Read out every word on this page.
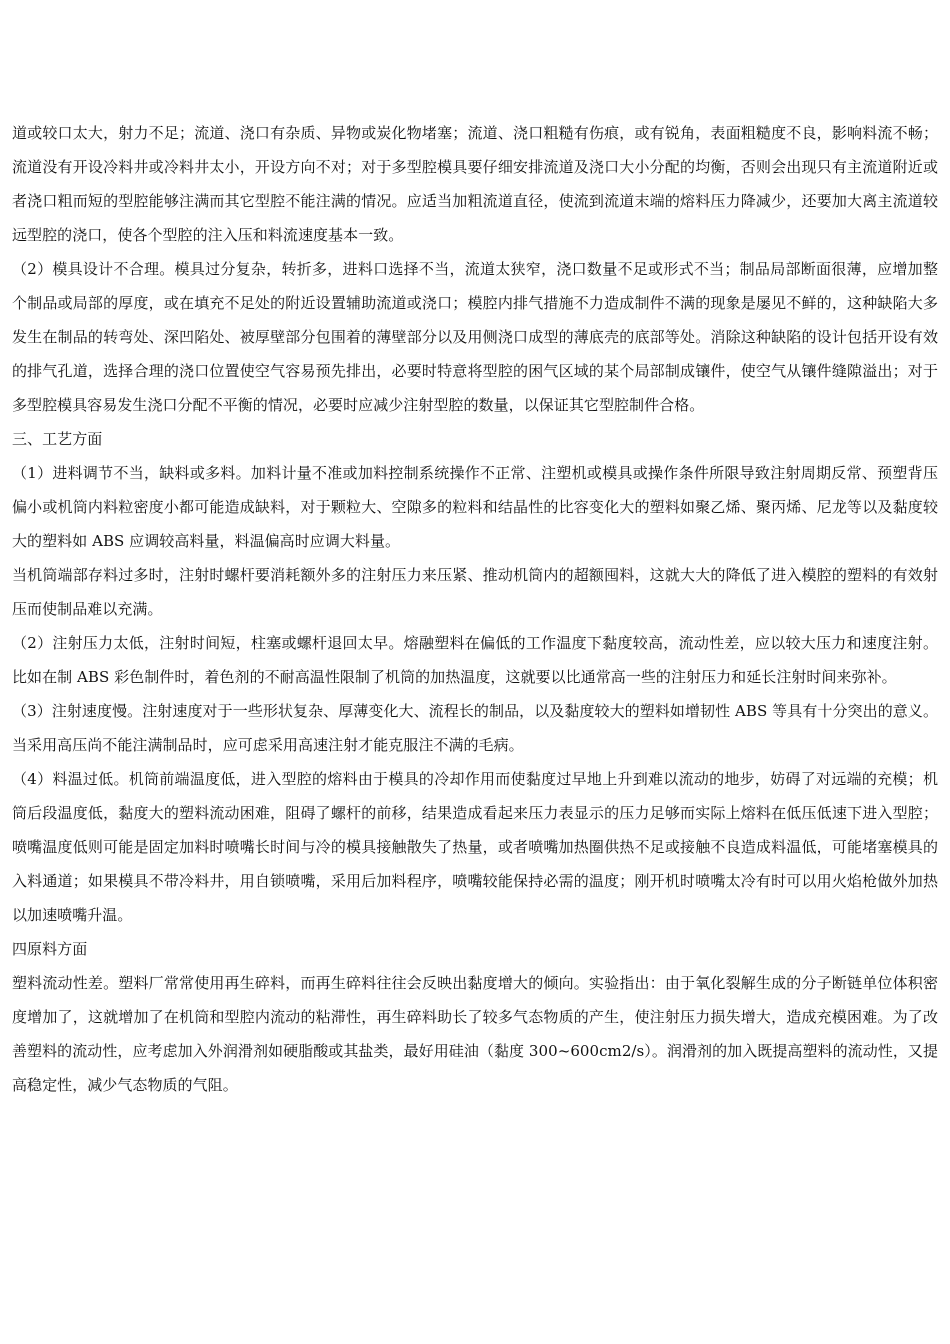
道或较口太大，射力不足；流道、浇口有杂质、异物或炭化物堵塞；流道、浇口粗糙有伤痕，或有锐角，表面粗糙度不良，影响料流不畅；流道没有开设冷料井或冷料井太小，开设方向不对；对于多型腔模具要仔细安排流道及浇口大小分配的均衡，否则会出现只有主流道附近或者浇口粗而短的型腔能够注满而其它型腔不能注满的情况。应适当加粗流道直径，使流到流道末端的熔料压力降减少，还要加大离主流道较远型腔的浇口，使各个型腔的注入压和料流速度基本一致。

（2）模具设计不合理。模具过分复杂，转折多，进料口选择不当，流道太狭窄，浇口数量不足或形式不当；制品局部断面很薄，应增加整个制品或局部的厚度，或在填充不足处的附近设置辅助流道或浇口；模腔内排气措施不力造成制件不满的现象是屡见不鲜的，这种缺陷大多发生在制品的转弯处、深凹陷处、被厚壁部分包围着的薄壁部分以及用侧浇口成型的薄底壳的底部等处。消除这种缺陷的设计包括开设有效的排气孔道，选择合理的浇口位置使空气容易预先排出，必要时特意将型腔的困气区域的某个局部制成镶件，使空气从镶件缝隙溢出；对于多型腔模具容易发生浇口分配不平衡的情况，必要时应减少注射型腔的数量，以保证其它型腔制件合格。

三、工艺方面

（1）进料调节不当，缺料或多料。加料计量不准或加料控制系统操作不正常、注塑机或模具或操作条件所限导致注射周期反常、预塑背压偏小或机筒内料粒密度小都可能造成缺料，对于颗粒大、空隙多的粒料和结晶性的比容变化大的塑料如聚乙烯、聚丙烯、尼龙等以及黏度较大的塑料如 ABS 应调较高料量，料温偏高时应调大料量。

当机筒端部存料过多时，注射时螺杆要消耗额外多的注射压力来压紧、推动机筒内的超额囤料，这就大大的降低了进入模腔的塑料的有效射压而使制品难以充满。

（2）注射压力太低，注射时间短，柱塞或螺杆退回太早。熔融塑料在偏低的工作温度下黏度较高，流动性差，应以较大压力和速度注射。比如在制 ABS 彩色制件时，着色剂的不耐高温性限制了机筒的加热温度，这就要以比通常高一些的注射压力和延长注射时间来弥补。

（3）注射速度慢。注射速度对于一些形状复杂、厚薄变化大、流程长的制品，以及黏度较大的塑料如增韧性 ABS 等具有十分突出的意义。当采用高压尚不能注满制品时，应可虑采用高速注射才能克服注不满的毛病。

（4）料温过低。机筒前端温度低，进入型腔的熔料由于模具的冷却作用而使黏度过早地上升到难以流动的地步，妨碍了对远端的充模；机筒后段温度低，黏度大的塑料流动困难，阻碍了螺杆的前移，结果造成看起来压力表显示的压力足够而实际上熔料在低压低速下进入型腔；喷嘴温度低则可能是固定加料时喷嘴长时间与冷的模具接触散失了热量，或者喷嘴加热圈供热不足或接触不良造成料温低，可能堵塞模具的入料通道；如果模具不带冷料井，用自锁喷嘴，采用后加料程序，喷嘴较能保持必需的温度；刚开机时喷嘴太冷有时可以用火焰枪做外加热以加速喷嘴升温。

四原料方面

塑料流动性差。塑料厂常常使用再生碎料，而再生碎料往往会反映出黏度增大的倾向。实验指出：由于氧化裂解生成的分子断链单位体积密度增加了，这就增加了在机筒和型腔内流动的粘滞性，再生碎料助长了较多气态物质的产生，使注射压力损失增大，造成充模困难。为了改善塑料的流动性，应考虑加入外润滑剂如硬脂酸或其盐类，最好用硅油（黏度 300~600cm2/s）。润滑剂的加入既提高塑料的流动性，又提高稳定性，减少气态物质的气阻。
